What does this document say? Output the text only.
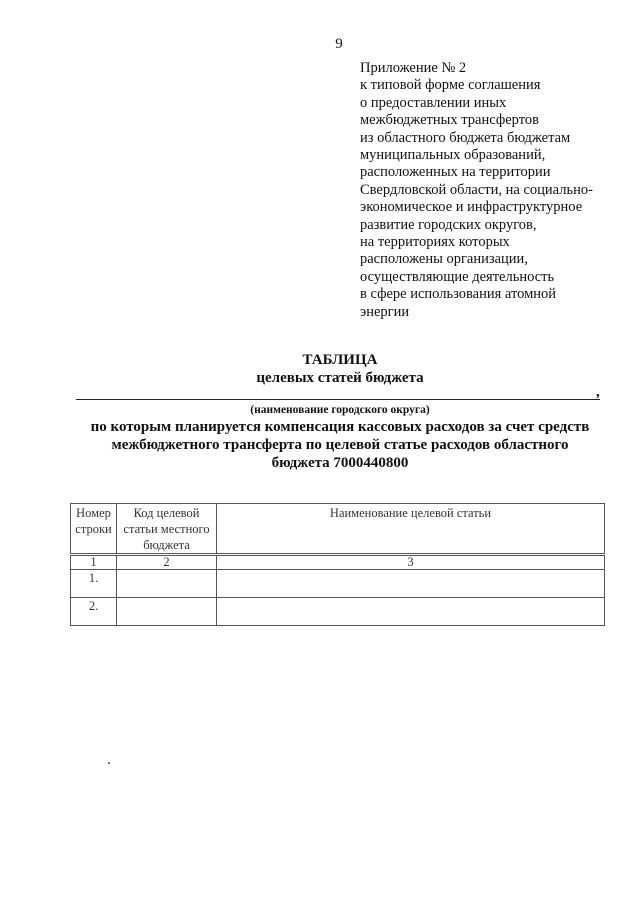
9
Приложение № 2
к типовой форме соглашения
о предоставлении иных
межбюджетных трансфертов
из областного бюджета бюджетам
муниципальных образований,
расположенных на территории
Свердловской области, на социально-
экономическое и инфраструктурное
развитие городских округов,
на территориях которых
расположены организации,
осуществляющие деятельность
в сфере использования атомной
энергии
ТАБЛИЦА
целевых статей бюджета
,
(наименование городского округа)
по которым планируется компенсация кассовых расходов за счет средств
межбюджетного трансферта по целевой статье расходов областного
бюджета 7000440800
Номер строки	Код целевой статьи местного бюджета	Наименование целевой статьи
1	2	3
1.		
2.		
